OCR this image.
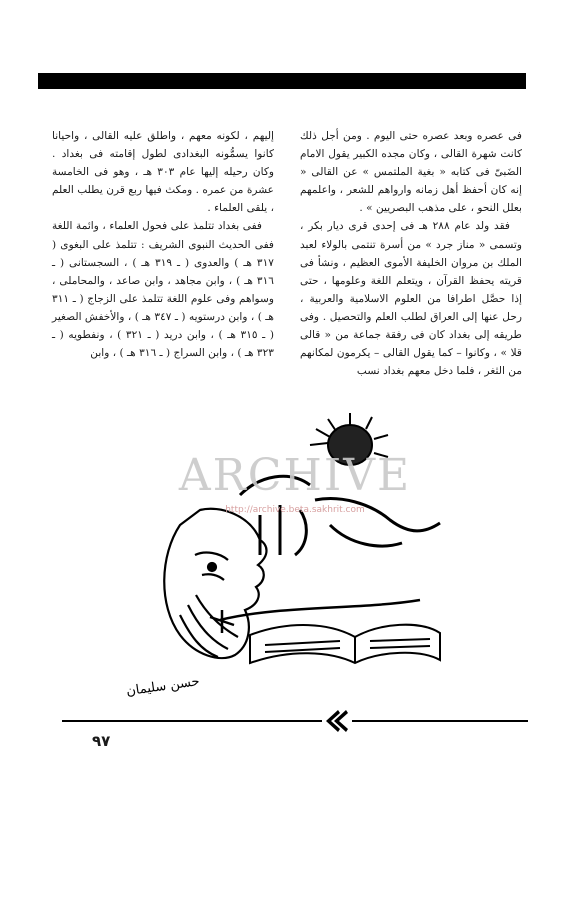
فى عصره وبعد عصره حتى اليوم . ومن أجل ذلك كانت شهرة القالى ، وكان مجده الكبير يقول الامام الضَبىّ فى كتابه « بغية الملتمس » عن القالى « إنه كان أحفظ أهل زمانه وارواهم للشعر ، واعلمهم بعلل النحو ، على مذهب البصريين » .

فقد ولد عام ٢٨٨ هـ فى إحدى قرى ديار بكر ، وتسمى « مناز جرد » من أسرة تنتمى بالولاء لعبد الملك بن مروان الخليفة الأموى العظيم ، ونشأ فى قريته يحفظ القرآن ، ويتعلم اللغة وعلومها ، حتى إذا حصَّل اطرافا من العلوم الاسلامية والعربية ، رحل عنها إلى العراق لطلب العلم والتحصيل . وفى طريقه إلى بغداد كان فى رفقة جماعة من « قالى قلا » ، وكانوا – كما يقول القالى – يكرمون لمكانهم من الثغر ، فلما دخل معهم بغداد نسب

إليهم ، لكونه معهم ، واطلق عليه القالى ، واحيانا كانوا يسمُّونه البغدادى لطول إقامته فى بغداد . وكان رحيله إليها عام ٣٠٣ هـ ، وهو فى الخامسة عشرة من عمره . ومكث فيها ربع قرن يطلب العلم ، يلقى العلماء .

ففى بغداد تتلمذ على فحول العلماء ، وائمة اللغة ففى الحديث النبوى الشريف : تتلمذ على البغوى ( ٣١٧ هـ ) والعدوى ( ـ ٣١٩ هـ ) ، السجستانى ( ـ ٣١٦ هـ ) ، وابن مجاهد ، وابن صاعد ، والمحاملى ، وسواهم وفى علوم اللغة تتلمذ على الزجاج ( ـ ٣١١ هـ ) ، وابن درستويه ( ـ ٣٤٧ هـ ) ، والأخفش الصغير ( ـ ٣١٥ هـ ) ، وابن دريد ( ـ ٣٢١ ) ، ونفطويه ( ـ ٣٢٣ هـ ) ، وابن السراج ( ـ ٣١٦ هـ ) ، وابن

حسن سليمان
ARCHIVE
http://archive.beta.sakhrit.com
٩٧
